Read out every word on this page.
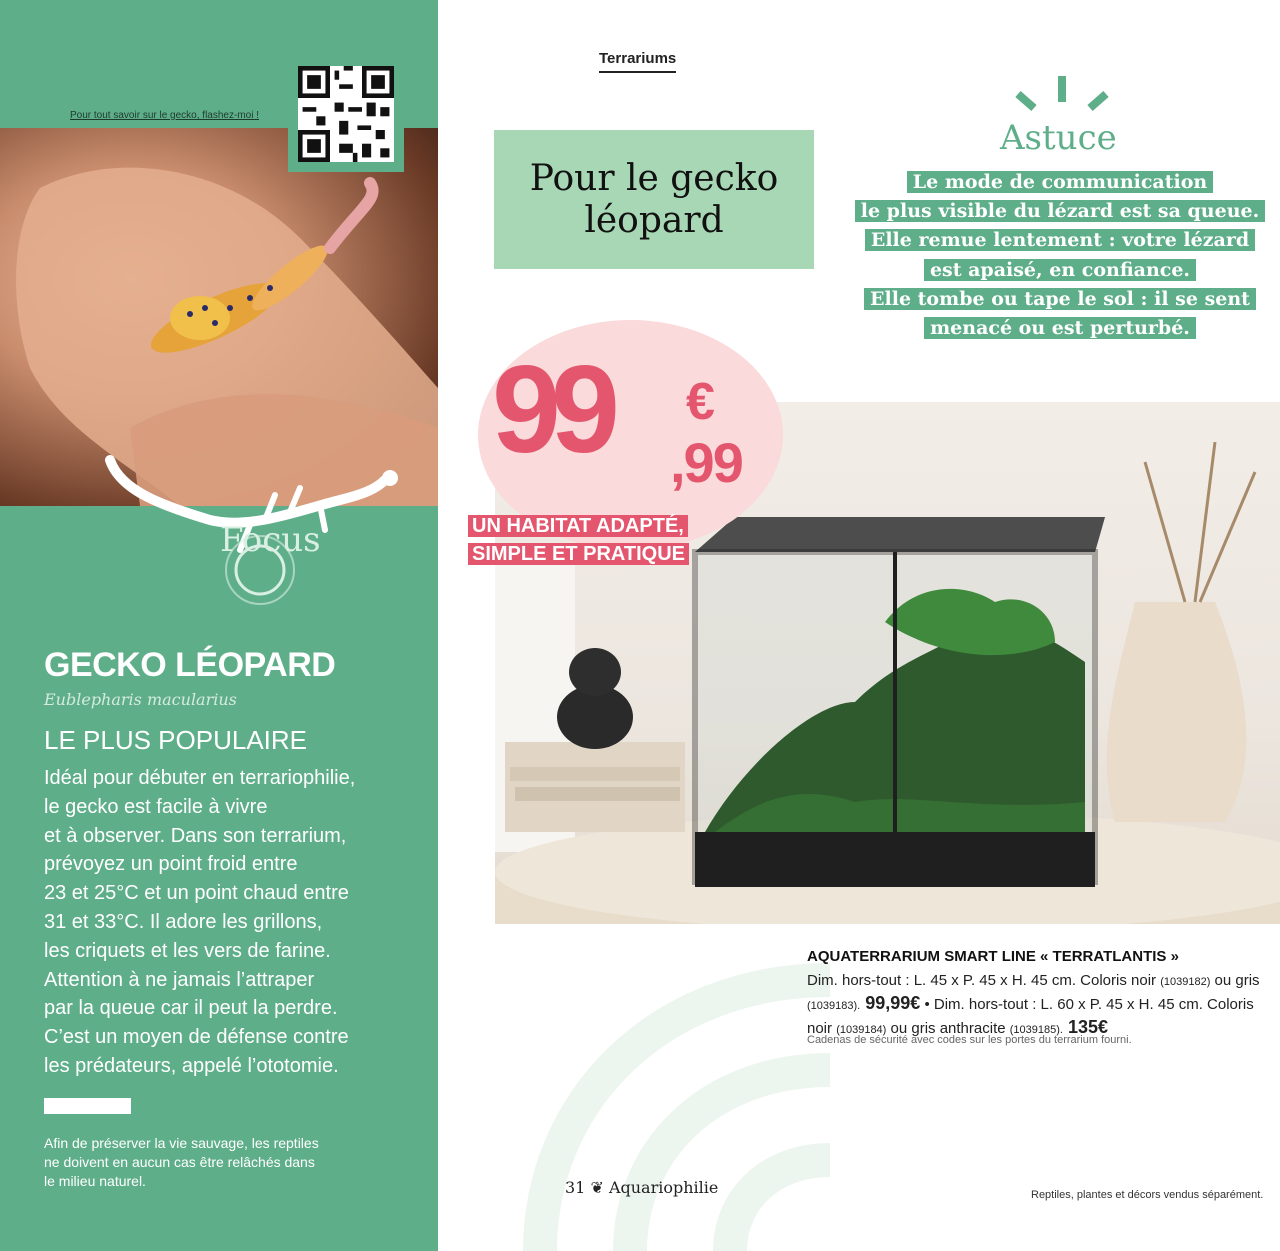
Pour tout savoir sur le gecko, flashez-moi !
Focus
GECKO LÉOPARD
Eublepharis macularius
LE PLUS POPULAIRE
Idéal pour débuter en terrariophilie,
le gecko est facile à vivre
et à observer. Dans son terrarium,
prévoyez un point froid entre
23 et 25°C et un point chaud entre
31 et 33°C. Il adore les grillons,
les criquets et les vers de farine.
Attention à ne jamais l’attraper
par la queue car il peut la perdre.
C’est un moyen de défense contre
les prédateurs, appelé l’ototomie.
Afin de préserver la vie sauvage, les reptiles
ne doivent en aucun cas être relâchés dans
le milieu naturel.
Terrariums
Pour le gecko
léopard
Astuce
Le mode de communication
le plus visible du lézard est sa queue.
Elle remue lentement : votre lézard
est apaisé, en confiance.
Elle tombe ou tape le sol : il se sent
menacé ou est perturbé.
99 €
,99
UN HABITAT ADAPTÉ,
SIMPLE ET PRATIQUE
AQUATERRARIUM SMART LINE « TERRATLANTIS »
Dim. hors-tout : L. 45 x P. 45 x H. 45 cm. Coloris noir (1039182) ou gris (1039183). 99,99€ • Dim. hors-tout : L. 60 x P. 45 x H. 45 cm. Coloris noir (1039184) ou gris anthracite (1039185). 135€
Cadenas de sécurité avec codes sur les portes du terrarium fourni.
31 ❦ Aquariophilie	Reptiles, plantes et décors vendus séparément.
